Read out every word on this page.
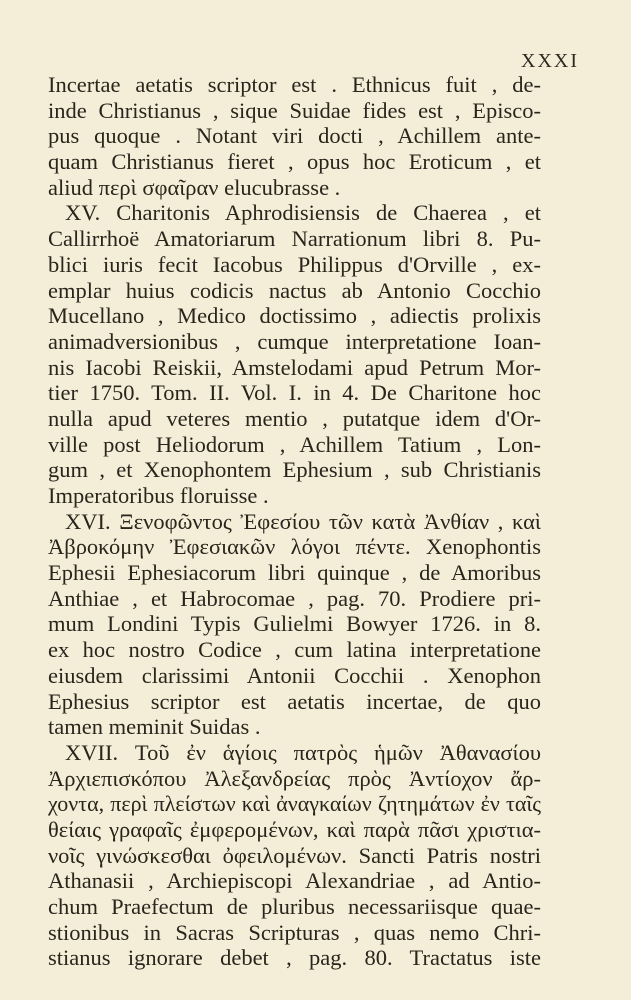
XXXI
Incertae aetatis scriptor est . Ethnicus fuit , de-
inde Christianus , sique Suidae fides est , Episco-
pus quoque . Notant viri docti , Achillem ante-
quam Christianus fieret , opus hoc Eroticum , et
aliud περὶ σφαῖραν elucubrasse .
XV. Charitonis Aphrodisiensis de Chaerea , et
Callirrhoë Amatoriarum Narrationum libri 8. Pu-
blici iuris fecit Iacobus Philippus d'Orville , ex-
emplar huius codicis nactus ab Antonio Cocchio
Mucellano , Medico doctissimo , adiectis prolixis
animadversionibus , cumque interpretatione Ioan-
nis Iacobi Reiskii, Amstelodami apud Petrum Mor-
tier 1750. Tom. II. Vol. I. in 4. De Charitone hoc
nulla apud veteres mentio , putatque idem d'Or-
ville post Heliodorum , Achillem Tatium , Lon-
gum , et Xenophontem Ephesium , sub Christianis
Imperatoribus floruisse .
XVI. Ξενοφῶντος Ἐφεσίου τῶν κατὰ Ἀνθίαν , καὶ
Ἀβροκόμην Ἐφεσιακῶν λόγοι πέντε. Xenophontis
Ephesii Ephesiacorum libri quinque , de Amoribus
Anthiae , et Habrocomae , pag. 70. Prodiere pri-
mum Londini Typis Gulielmi Bowyer 1726. in 8.
ex hoc nostro Codice , cum latina interpretatione
eiusdem clarissimi Antonii Cocchii . Xenophon
Ephesius scriptor est aetatis incertae, de quo
tamen meminit Suidas .
XVII. Τοῦ ἐν ἁγίοις πατρὸς ἡμῶν Ἀθανασίου
Ἀρχιεπισκόπου Ἀλεξανδρείας πρὸς Ἀντίοχον ἄρ-
χοντα, περὶ πλείστων καὶ ἀναγκαίων ζητημάτων ἐν ταῖς
θείαις γραφαῖς ἐμφερομένων, καὶ παρὰ πᾶσι χριστια-
νοῖς γινώσκεσθαι ὀφειλομένων. Sancti Patris nostri
Athanasii , Archiepiscopi Alexandriae , ad Antio-
chum Praefectum de pluribus necessariisque quae-
stionibus in Sacras Scripturas , quas nemo Chri-
stianus ignorare debet , pag. 80. Tractatus iste
